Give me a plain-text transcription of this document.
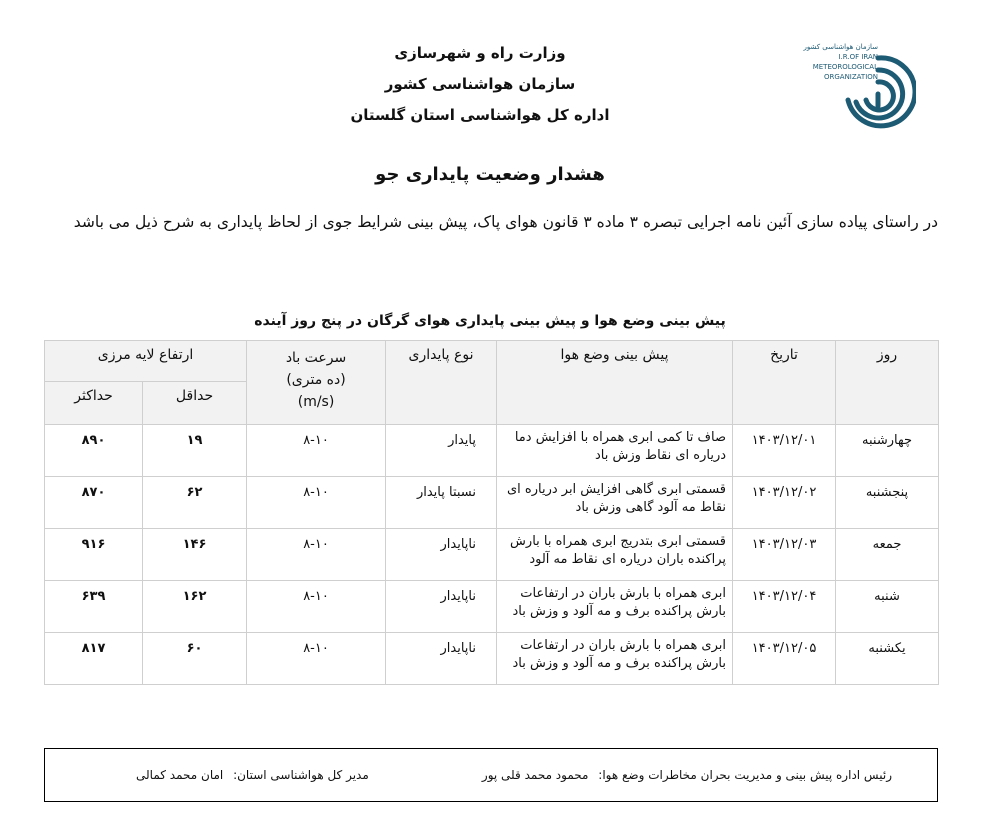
وزارت راه و شهرسازی
سازمان هواشناسی کشور
اداره کل هواشناسی استان گلستان
سازمان هواشناسی کشور
I.R.OF IRAN
METEOROLOGICAL
ORGANIZATION
هشدار وضعیت پایداری جو
در راستای پیاده سازی آئین نامه اجرایی تبصره ۳ ماده ۳ قانون هوای پاک، پیش بینی شرایط جوی از لحاظ پایداری به شرح ذیل می باشد
پیش بینی وضع هوا و پیش بینی پایداری هوای گرگان در پنج روز آینده
روز	تاریخ	پیش بینی وضع هوا	نوع پایداری	سرعت باد
(ده متری)
(m/s)	ارتفاع لایه مرزی	
					حداقل	حداکثر
چهارشنبه	۱۴۰۳/۱۲/۰۱	صاف تا کمی ابری همراه با افزایش دما دریاره ای نقاط وزش باد	پایدار	۸-۱۰	۱۹	۸۹۰
پنجشنبه	۱۴۰۳/۱۲/۰۲	قسمتی ابری گاهی افزایش ابر دریاره ای نقاط مه آلود گاهی وزش باد	نسبتا پایدار	۸-۱۰	۶۲	۸۷۰
جمعه	۱۴۰۳/۱۲/۰۳	قسمتی ابری بتدریج ابری همراه با بارش پراکنده باران دریاره ای نقاط مه آلود	ناپایدار	۸-۱۰	۱۴۶	۹۱۶
شنبه	۱۴۰۳/۱۲/۰۴	ابری همراه با بارش باران در ارتفاعات بارش پراکنده برف و مه آلود و وزش باد	ناپایدار	۸-۱۰	۱۶۲	۶۳۹
یکشنبه	۱۴۰۳/۱۲/۰۵	ابری همراه با بارش باران در ارتفاعات بارش پراکنده برف و مه آلود و وزش باد	ناپایدار	۸-۱۰	۶۰	۸۱۷
رئیس اداره پیش بینی و مدیریت بحران مخاطرات وضع هوا: محمود محمد قلی پور
مدیر کل هواشناسی استان: امان محمد کمالی
